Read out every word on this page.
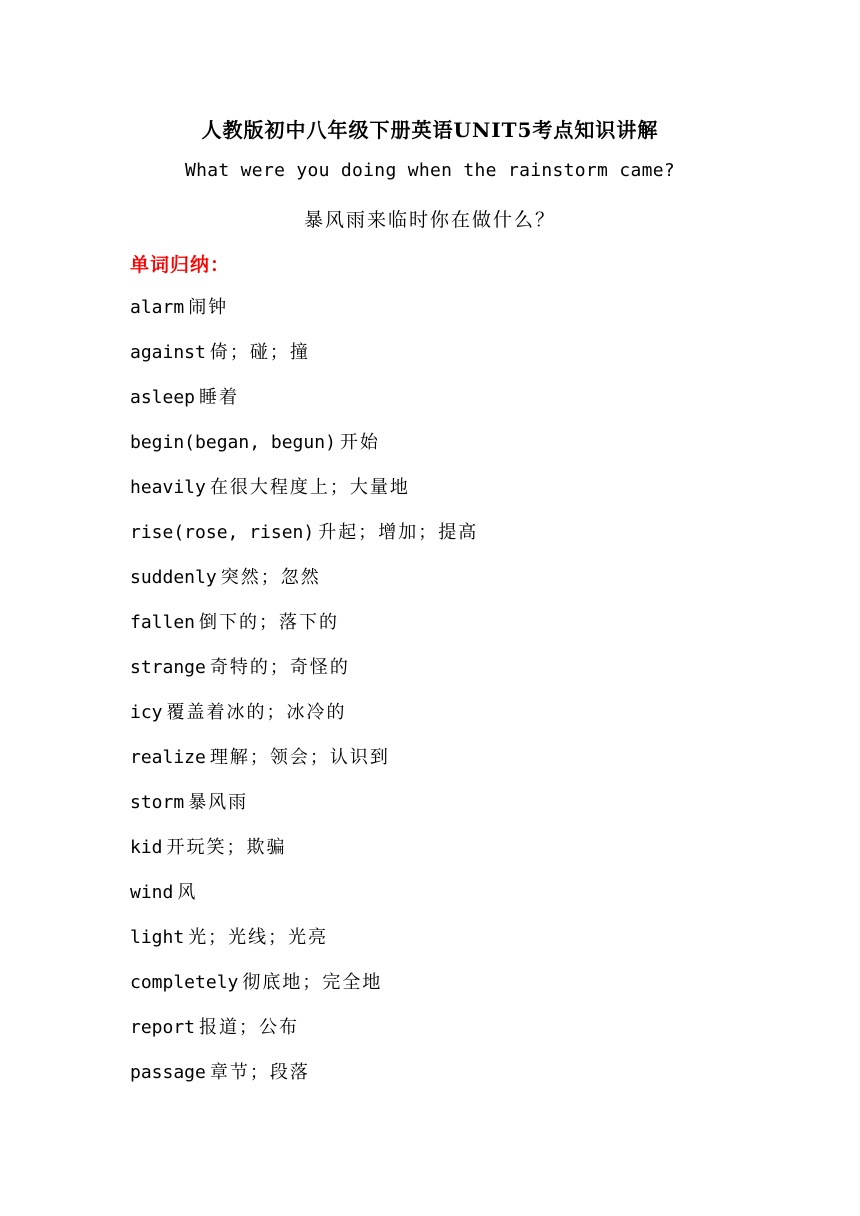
人教版初中八年级下册英语UNIT5考点知识讲解
What were you doing when the rainstorm came?
暴风雨来临时你在做什么？
单词归纳：
alarm 闹钟
against 倚；碰；撞
asleep 睡着
begin(began, begun) 开始
heavily 在很大程度上；大量地
rise(rose, risen) 升起；增加；提高
suddenly 突然；忽然
fallen 倒下的；落下的
strange 奇特的；奇怪的
icy 覆盖着冰的；冰冷的
realize 理解；领会；认识到
storm 暴风雨
kid 开玩笑；欺骗
wind 风
light 光；光线；光亮
completely 彻底地；完全地
report 报道；公布
passage 章节；段落
